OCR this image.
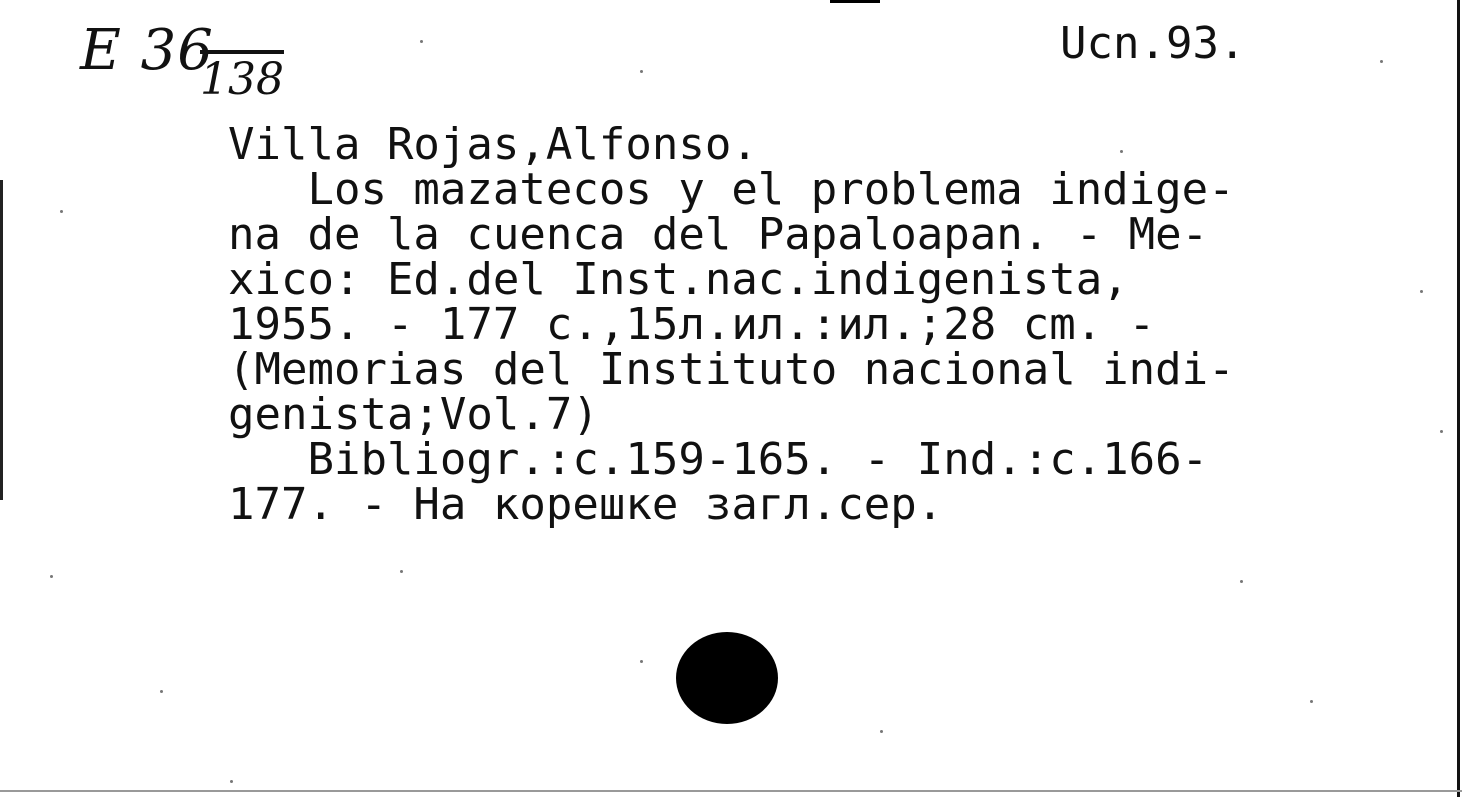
E 36
138
Ucn.93.
Villa Rojas,Alfonso.
Los mazatecos y el problema indige-
na de la cuenca del Papaloapan. - Me-
xico: Ed.del Inst.nac.indigenista,
1955. - 177 c.,15л.ил.:ил.;28 cm. -
(Memorias del Instituto nacional indi-
genista;Vol.7)
Bibliogr.:c.159-165. - Ind.:c.166-
177. - На корешке загл.сер.
